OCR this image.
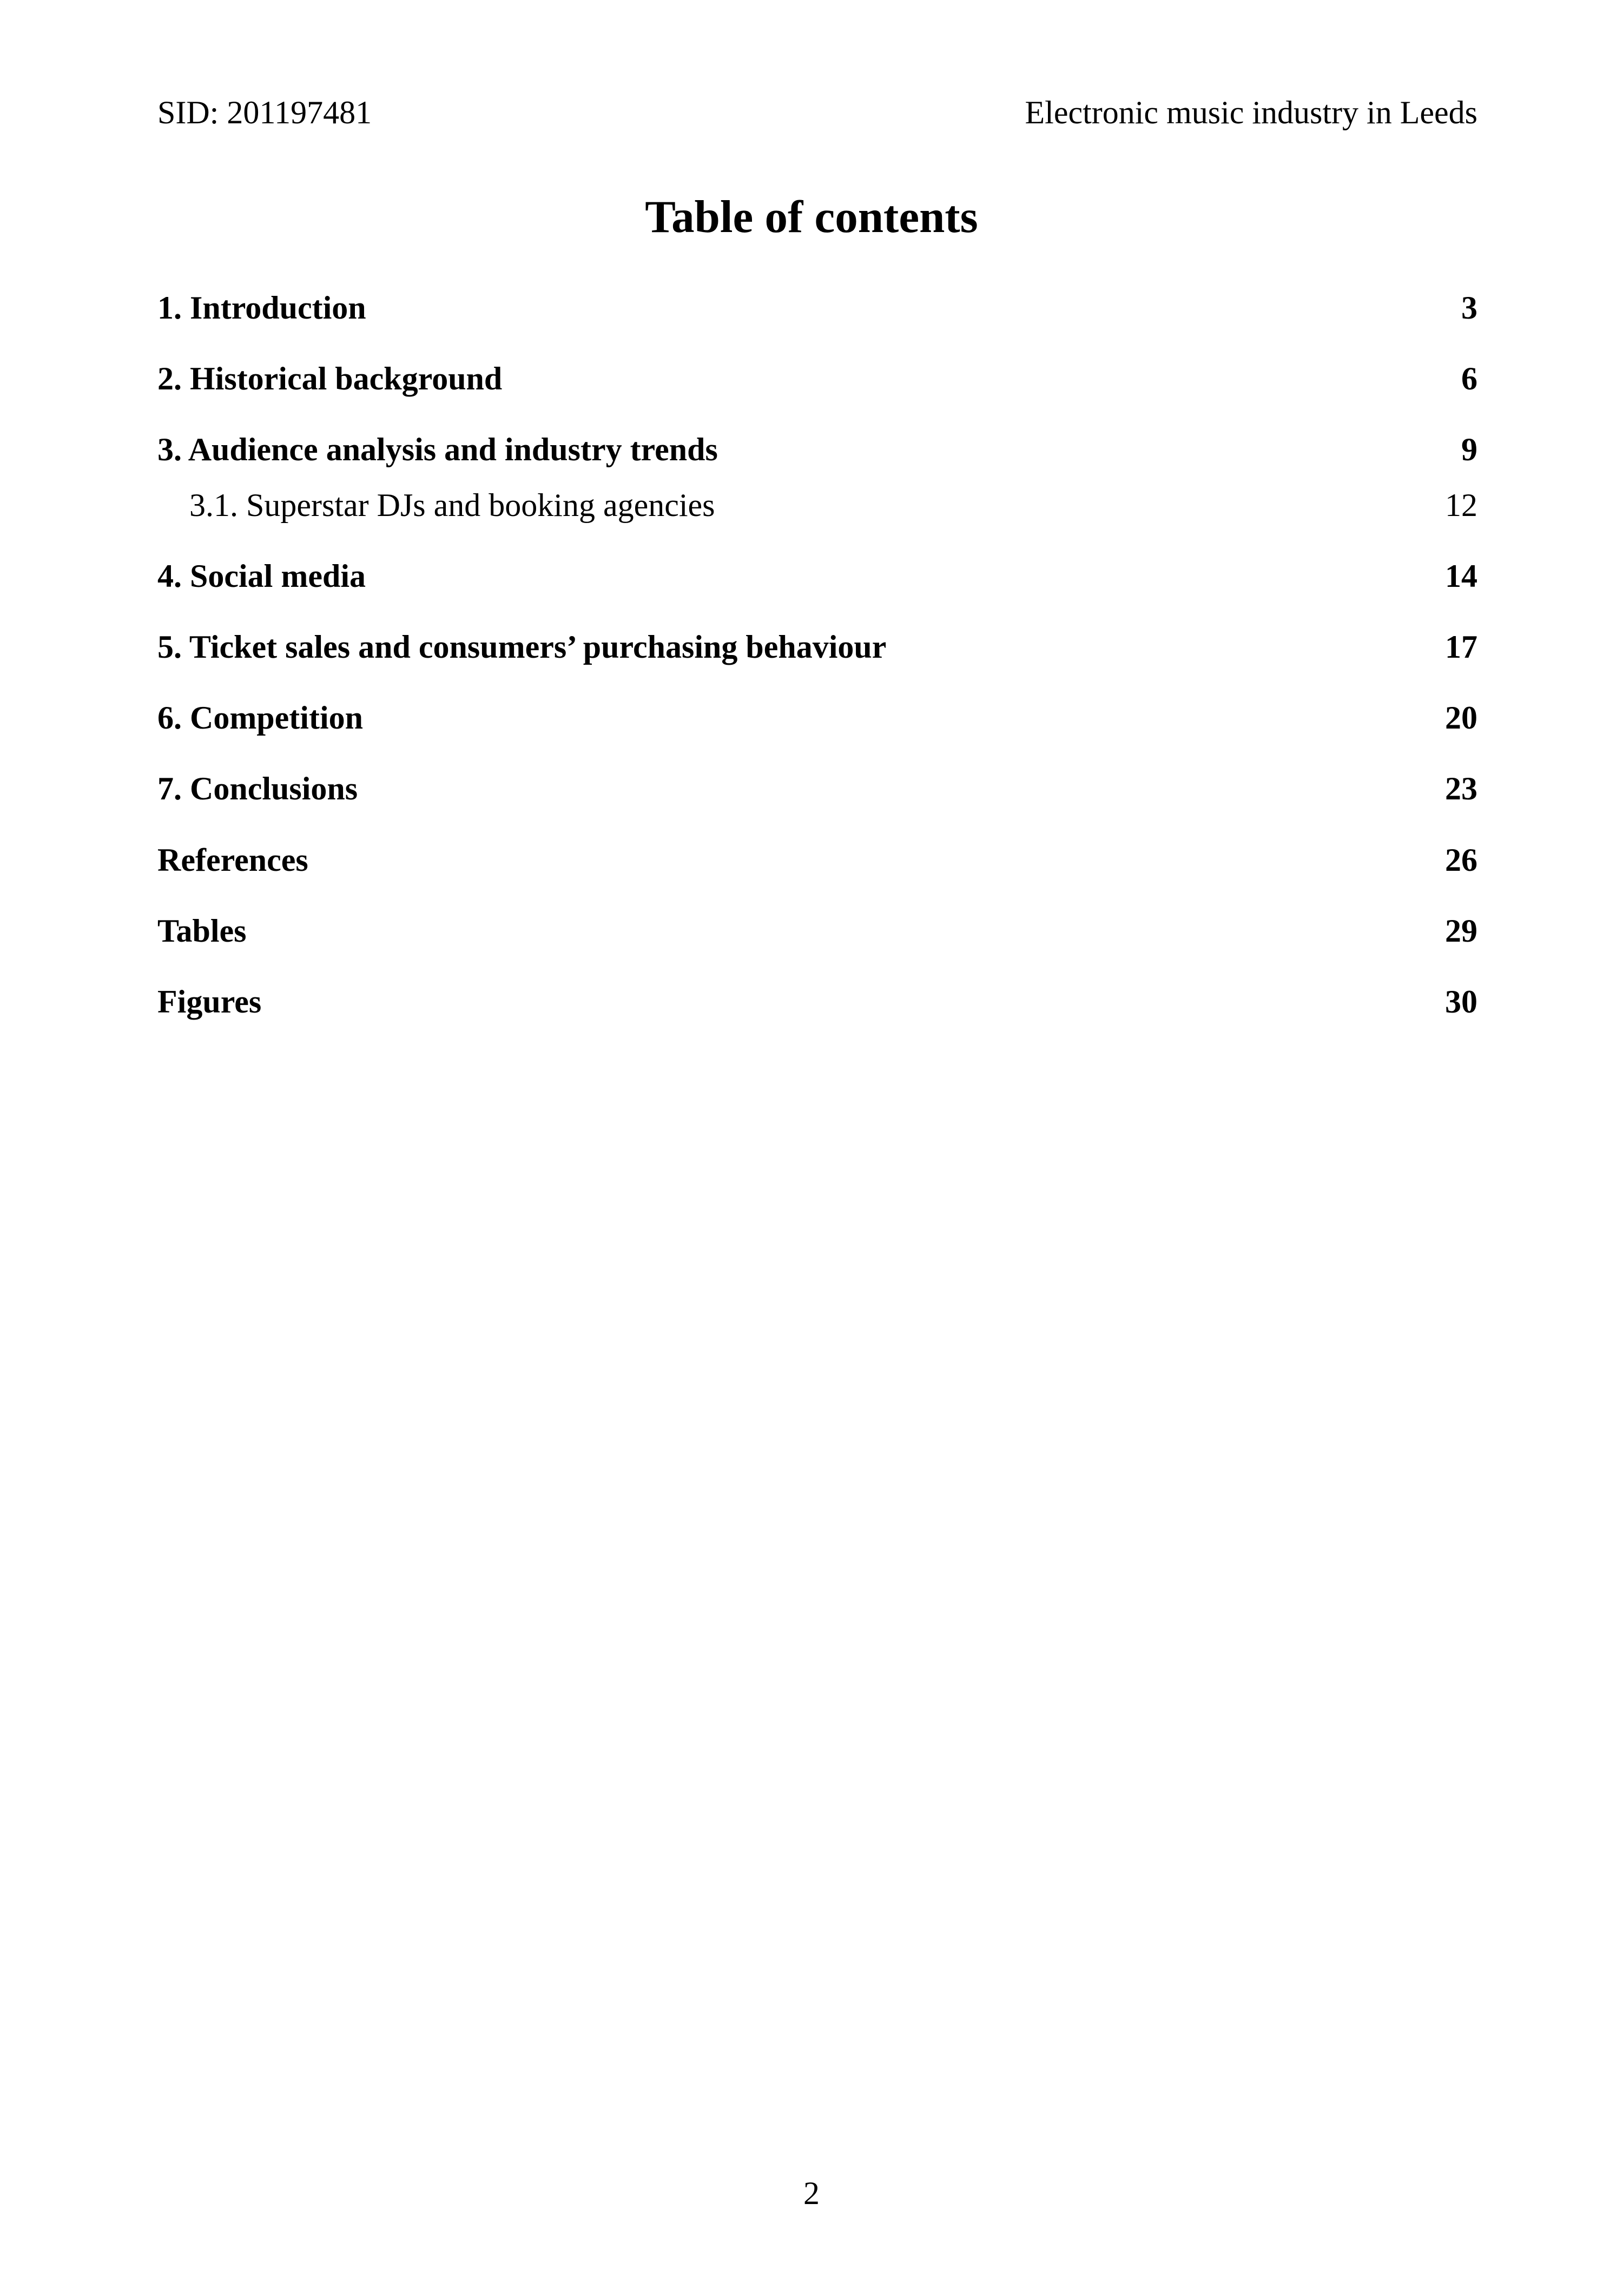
SID: 201197481	Electronic music industry in Leeds
Table of contents
1. Introduction	3
2. Historical background	6
3. Audience analysis and industry trends	9
3.1. Superstar DJs and booking agencies	12
4. Social media	14
5. Ticket sales and consumers’ purchasing behaviour	17
6. Competition	20
7. Conclusions	23
References	26
Tables	29
Figures	30
2
